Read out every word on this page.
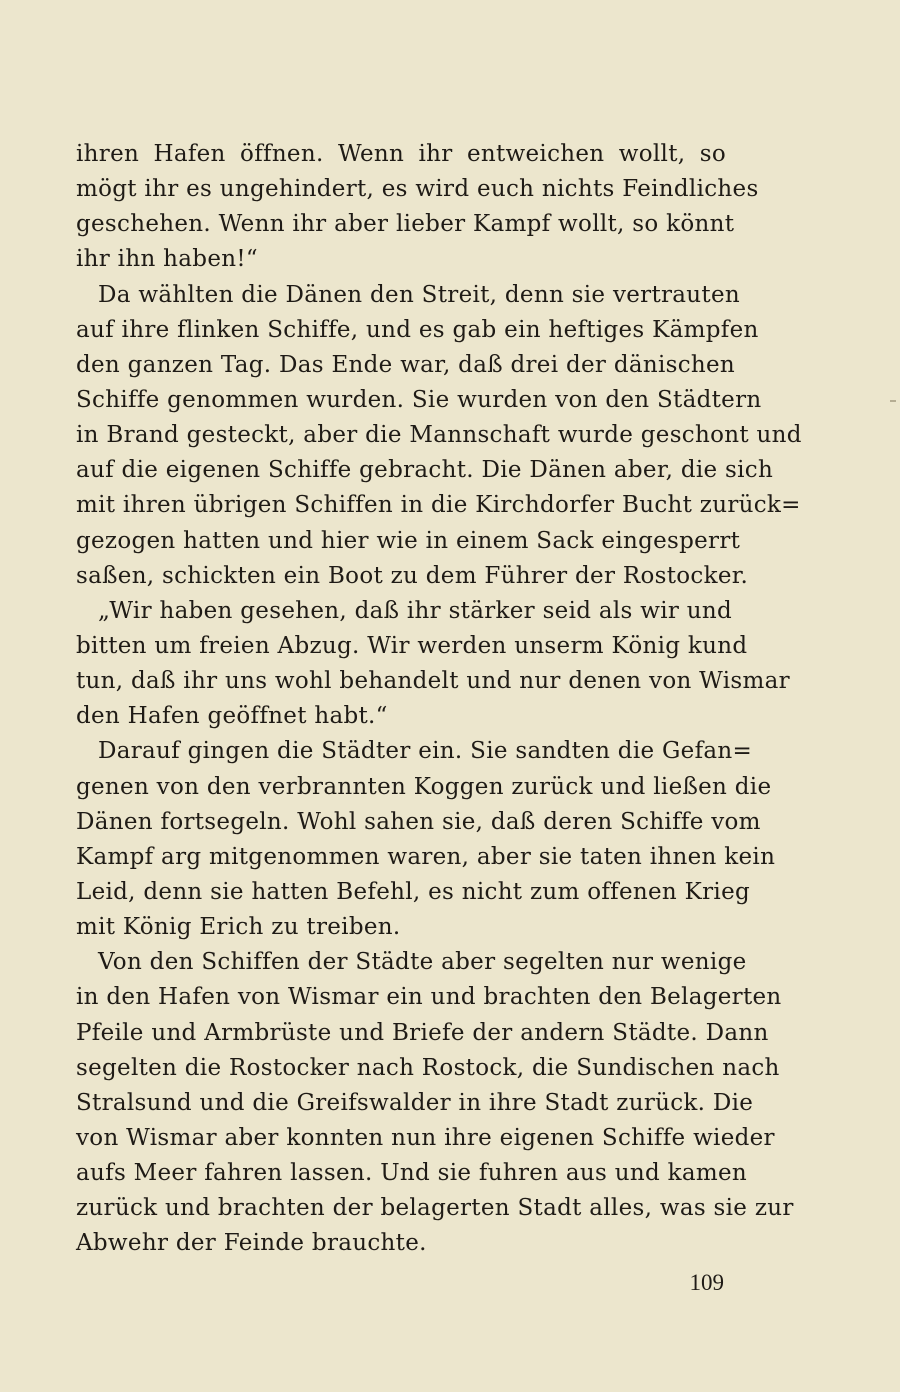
ihren Hafen öffnen. Wenn ihr entweichen wollt, so
mögt ihr es ungehindert, es wird euch nichts Feindliches
geschehen. Wenn ihr aber lieber Kampf wollt, so könnt
ihr ihn haben!“
Da wählten die Dänen den Streit, denn sie vertrauten
auf ihre flinken Schiffe, und es gab ein heftiges Kämpfen
den ganzen Tag. Das Ende war, daß drei der dänischen
Schiffe genommen wurden. Sie wurden von den Städtern
in Brand gesteckt, aber die Mannschaft wurde geschont und
auf die eigenen Schiffe gebracht. Die Dänen aber, die sich
mit ihren übrigen Schiffen in die Kirchdorfer Bucht zurück=
gezogen hatten und hier wie in einem Sack eingesperrt
saßen, schickten ein Boot zu dem Führer der Rostocker.
„Wir haben gesehen, daß ihr stärker seid als wir und
bitten um freien Abzug. Wir werden unserm König kund
tun, daß ihr uns wohl behandelt und nur denen von Wismar
den Hafen geöffnet habt.“
Darauf gingen die Städter ein. Sie sandten die Gefan=
genen von den verbrannten Koggen zurück und ließen die
Dänen fortsegeln. Wohl sahen sie, daß deren Schiffe vom
Kampf arg mitgenommen waren, aber sie taten ihnen kein
Leid, denn sie hatten Befehl, es nicht zum offenen Krieg
mit König Erich zu treiben.
Von den Schiffen der Städte aber segelten nur wenige
in den Hafen von Wismar ein und brachten den Belagerten
Pfeile und Armbrüste und Briefe der andern Städte. Dann
segelten die Rostocker nach Rostock, die Sundischen nach
Stralsund und die Greifswalder in ihre Stadt zurück. Die
von Wismar aber konnten nun ihre eigenen Schiffe wieder
aufs Meer fahren lassen. Und sie fuhren aus und kamen
zurück und brachten der belagerten Stadt alles, was sie zur
Abwehr der Feinde brauchte.
109
